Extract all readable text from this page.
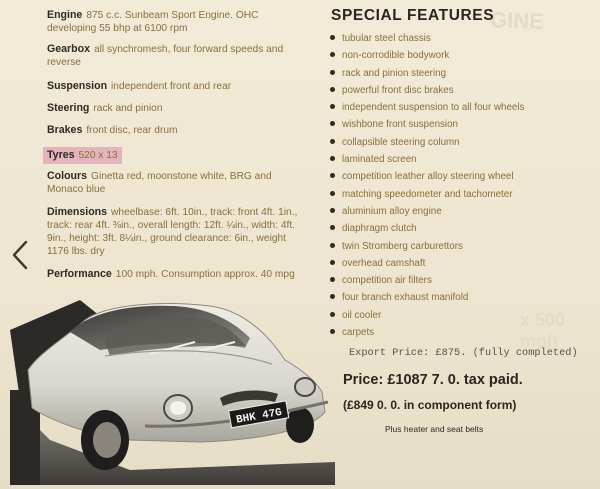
GINE
x 500 mph
Engine 875 c.c. Sunbeam Sport Engine. OHC developing 55 bhp at 6100 rpm
Gearbox all synchromesh, four forward speeds and reverse
Suspension independent front and rear
Steering rack and pinion
Brakes front disc, rear drum
Tyres 520 x 13
Colours Ginetta red, moonstone white, BRG and Monaco blue
Dimensions wheelbase: 6ft. 10in., track: front 4ft. 1in., track: rear 4ft. ⅜in., overall length: 12ft. ¼in., width: 4ft. 9in., height: 3ft. 8¼in., ground clearance: 6in., weight 1176 lbs. dry
Performance 100 mph. Consumption approx. 40 mpg
SPECIAL FEATURES
tubular steel chassis
non-corrodible bodywork
rack and pinion steering
powerful front disc brakes
independent suspension to all four wheels
wishbone front suspension
collapsible steering column
laminated screen
competition leather alloy steering wheel
matching speedometer and tachometer
aluminium alloy engine
diaphragm clutch
twin Stromberg carburettors
overhead camshaft
competition air filters
four branch exhaust manifold
oil cooler
carpets
Export Price: £875. (fully completed)
Price: £1087 7. 0. tax paid.
(£849 0. 0. in component form)
Plus heater and seat belts
BHK 47G
